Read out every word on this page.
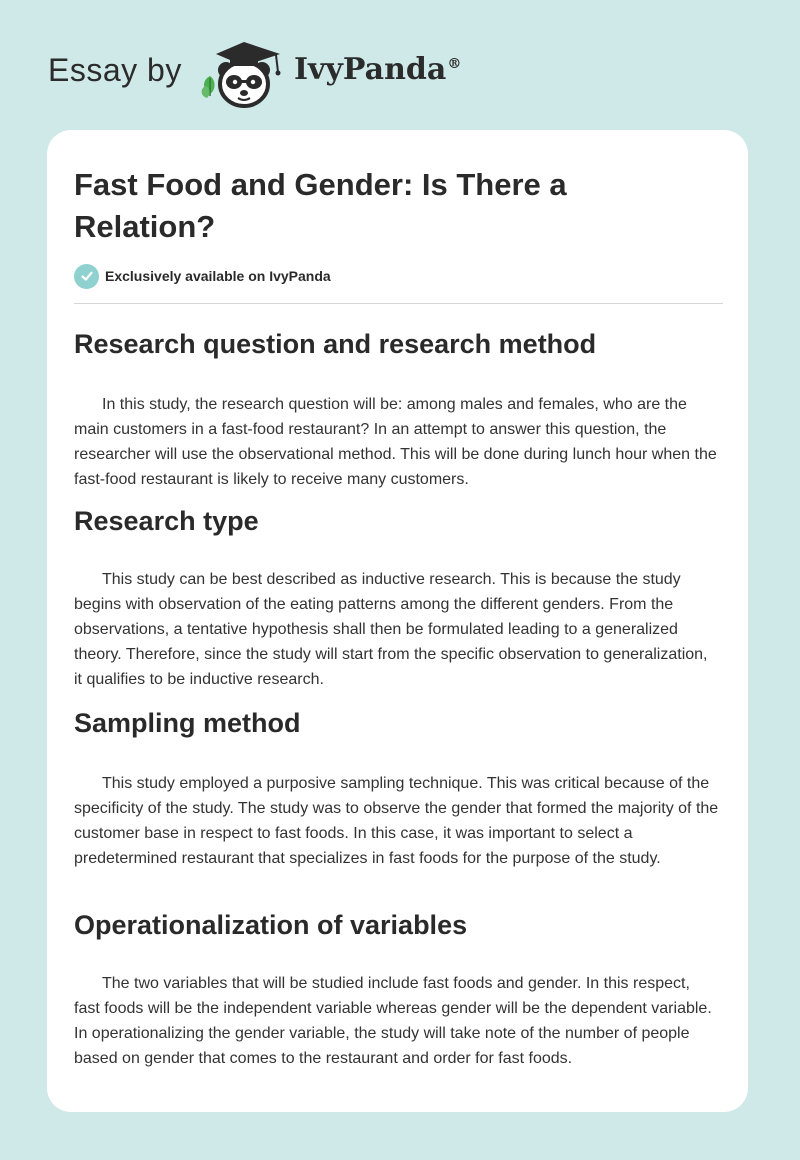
Essay by	IvyPanda®
Fast Food and Gender: Is There a Relation?
Exclusively available on IvyPanda
Research question and research method

In this study, the research question will be: among males and females, who are the main customers in a fast-food restaurant? In an attempt to answer this question, the researcher will use the observational method. This will be done during lunch hour when the fast-food restaurant is likely to receive many customers.

Research type

This study can be best described as inductive research. This is because the study begins with observation of the eating patterns among the different genders. From the observations, a tentative hypothesis shall then be formulated leading to a generalized theory. Therefore, since the study will start from the specific observation to generalization, it qualifies to be inductive research.

Sampling method

This study employed a purposive sampling technique. This was critical because of the specificity of the study. The study was to observe the gender that formed the majority of the customer base in respect to fast foods. In this case, it was important to select a predetermined restaurant that specializes in fast foods for the purpose of the study.

Operationalization of variables

The two variables that will be studied include fast foods and gender. In this respect, fast foods will be the independent variable whereas gender will be the dependent variable. In operationalizing the gender variable, the study will take note of the number of people based on gender that comes to the restaurant and order for fast foods.
